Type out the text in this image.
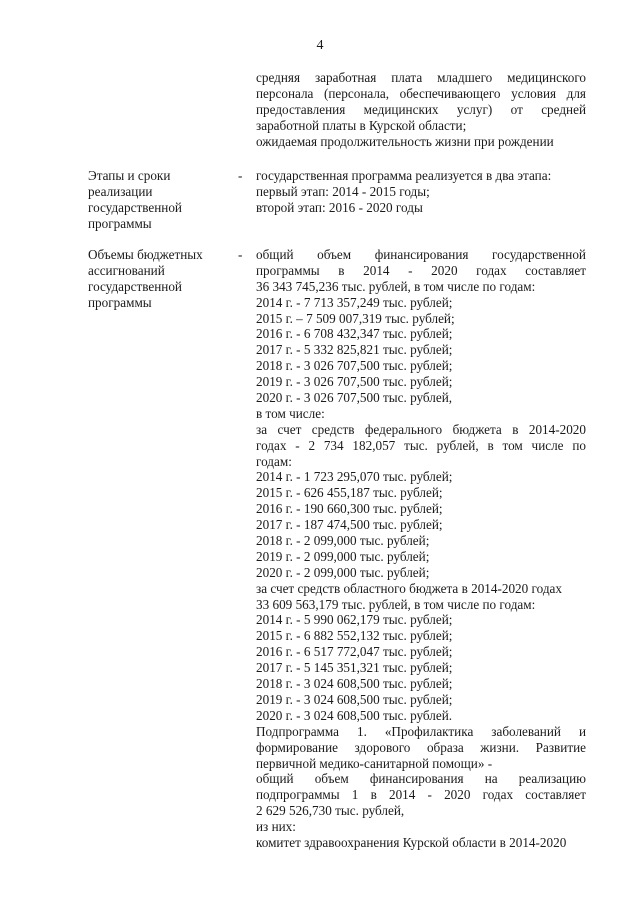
4
средняя заработная плата младшего медицинского
персонала (персонала, обеспечивающего условия для
предоставления медицинских услуг) от средней
заработной платы в Курской области;
ожидаемая продолжительность жизни при рождении
Этапы и сроки
реализации
государственной
программы
- государственная программа реализуется в два этапа:
первый этап: 2014 - 2015 годы;
второй этап: 2016 - 2020 годы
Объемы бюджетных
ассигнований
государственной
программы
- общий объем финансирования государственной
программы в 2014 - 2020 годах составляет
36 343 745,236 тыс. рублей, в том числе по годам:
2014 г. - 7 713 357,249 тыс. рублей;
2015 г. – 7 509 007,319 тыс. рублей;
2016 г. - 6 708 432,347 тыс. рублей;
2017 г. - 5 332 825,821 тыс. рублей;
2018 г. - 3 026 707,500 тыс. рублей;
2019 г. - 3 026 707,500 тыс. рублей;
2020 г. - 3 026 707,500 тыс. рублей,
в том числе:
за счет средств федерального бюджета в 2014-2020
годах - 2 734 182,057 тыс. рублей, в том числе по
годам:
2014 г. - 1 723 295,070 тыс. рублей;
2015 г. - 626 455,187 тыс. рублей;
2016 г. - 190 660,300 тыс. рублей;
2017 г. - 187 474,500 тыс. рублей;
2018 г. - 2 099,000 тыс. рублей;
2019 г. - 2 099,000 тыс. рублей;
2020 г. - 2 099,000 тыс. рублей;
за счет средств областного бюджета в 2014-2020 годах
33 609 563,179 тыс. рублей, в том числе по годам:
2014 г. - 5 990 062,179 тыс. рублей;
2015 г. - 6 882 552,132 тыс. рублей;
2016 г. - 6 517 772,047 тыс. рублей;
2017 г. - 5 145 351,321 тыс. рублей;
2018 г. - 3 024 608,500 тыс. рублей;
2019 г. - 3 024 608,500 тыс. рублей;
2020 г. - 3 024 608,500 тыс. рублей.
Подпрограмма 1. «Профилактика заболеваний и
формирование здорового образа жизни. Развитие
первичной медико-санитарной помощи» -
общий объем финансирования на реализацию
подпрограммы 1 в 2014 - 2020 годах составляет
2 629 526,730 тыс. рублей,
из них:
комитет здравоохранения Курской области в 2014-2020
